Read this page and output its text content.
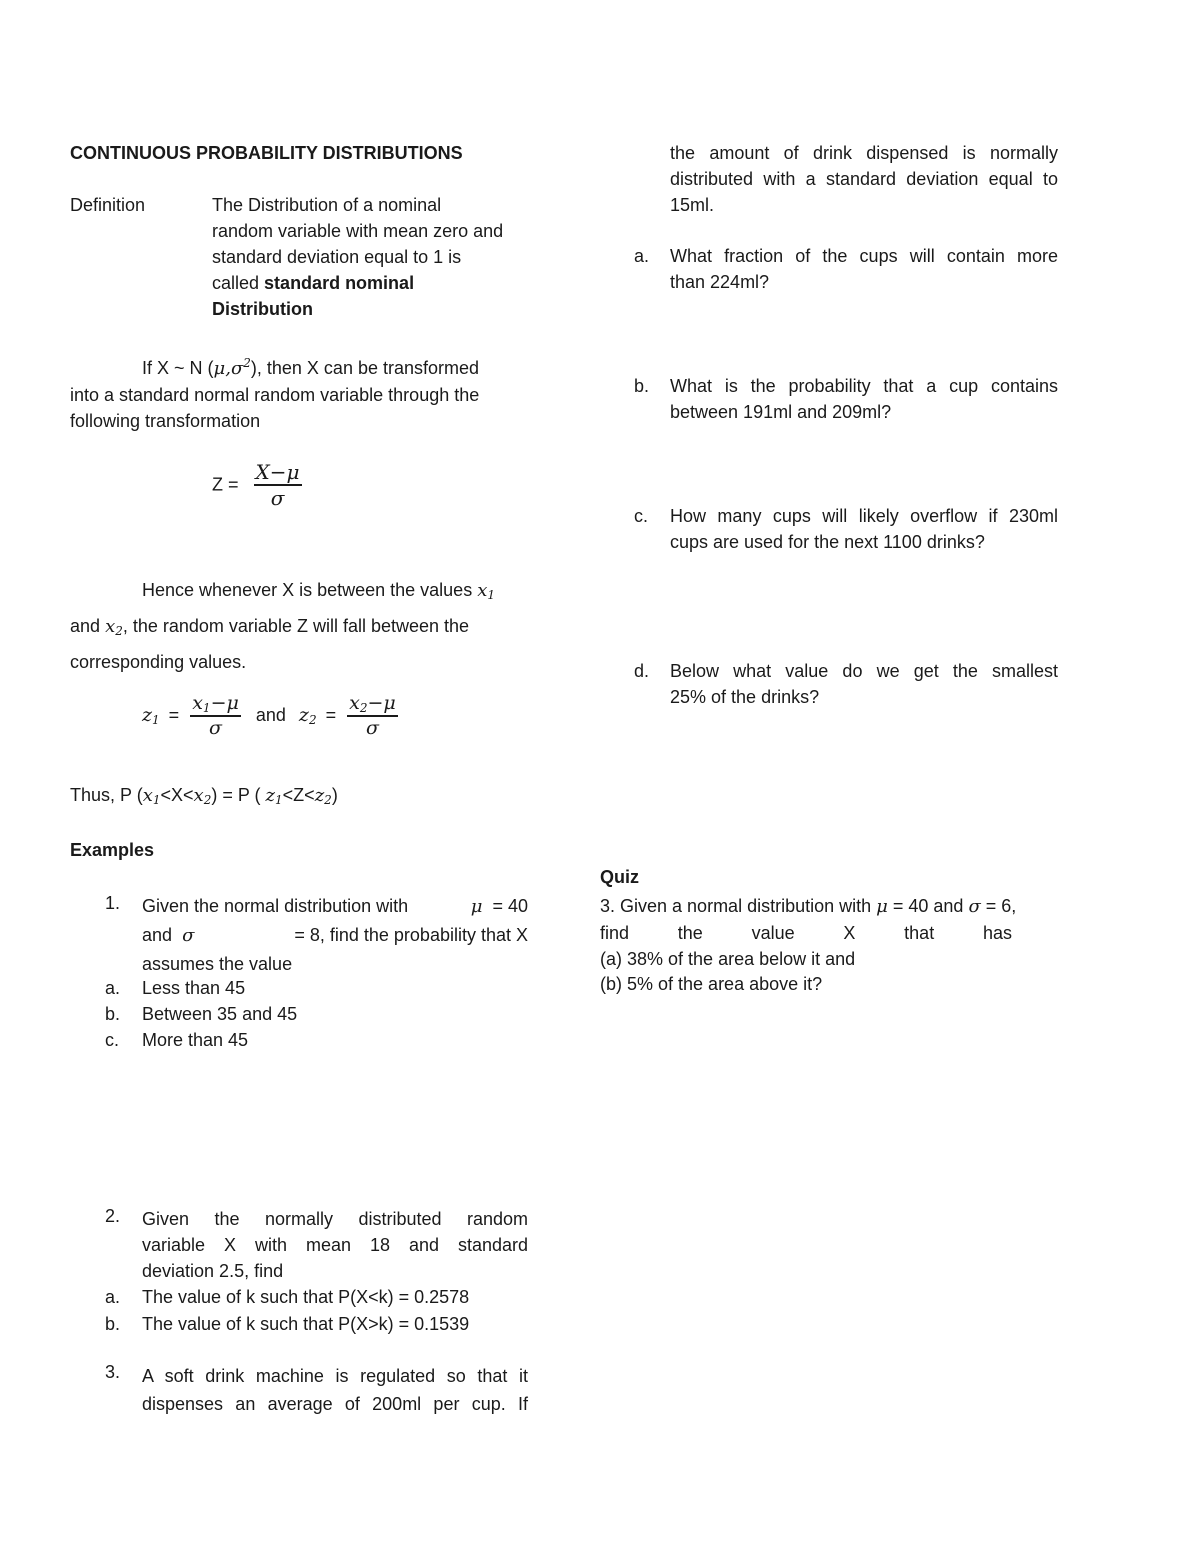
CONTINUOUS PROBABILITY DISTRIBUTIONS
Definition	The Distribution of a nominal
random variable with mean zero and
standard deviation equal to 1 is
called standard nominal
Distribution
If X ~ N $(\mu,\sigma^2)$, then X can be transformed
into a standard normal random variable through the
following transformation
$Z = \frac{X-\mu}{\sigma}$
Hence whenever X is between the values $x_1$
and $x_2$, the random variable Z will fall between the
corresponding values.
$z_1 = \frac{x_1-\mu}{\sigma}$ and $z_2 = \frac{x_2-\mu}{\sigma}$
Thus, P $(x_1<X<x_2) = P$ ( $z_1<Z<z_2$)
Examples
1. Given the normal distribution with	μ = 40
and σ	= 8, find the probability that X
assumes the value
a. Less than 45
b. Between 35 and 45
c. More than 45
2. Given the normally distributed random
variable X with mean 18 and standard
deviation 2.5, find
a. The value of k such that P(X<k) = 0.2578
b. The value of k such that P(X>k) = 0.1539
3. A soft drink machine is regulated so that it
dispenses an average of 200ml per cup. If
the amount of drink dispensed is normally
distributed with a standard deviation equal to
15ml.
a. What fraction of the cups will contain more
than 224ml?
b. What is the probability that a cup contains
between 191ml and 209ml?
c. How many cups will likely overflow if 230ml
cups are used for the next 1100 drinks?
d. Below what value do we get the smallest
25% of the drinks?
Quiz
3. Given a normal distribution with μ = 40 and σ = 6,
find the value X that has
(a) 38% of the area below it and
(b) 5% of the area above it?
